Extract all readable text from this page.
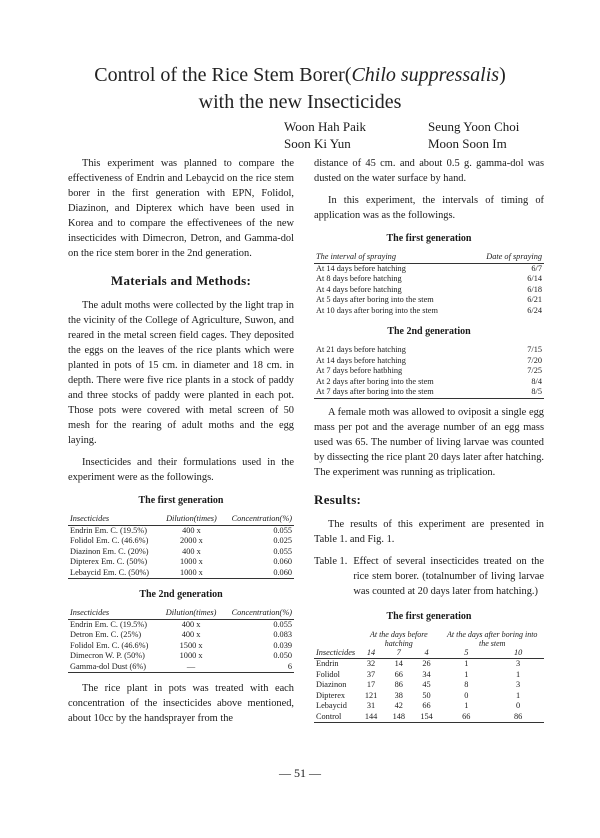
Control of the Rice Stem Borer(Chilo suppressalis)
with the new Insecticides
Woon Hah Paik
Soon Ki Yun
Seung Yoon Choi
Moon Soon Im

This experiment was planned to compare the effectiveness of Endrin and Lebaycid on the rice stem borer in the first generation with EPN, Folidol, Diazinon, and Dipterex which have been used in Korea and to compare the effectivenees of the new insecticides with Dimecron, Detron, and Gamma-dol on the rice stem borer in the 2nd generation.

Materials and Methods:

The adult moths were collected by the light trap in the vicinity of the College of Agriculture, Suwon, and reared in the metal screen field cages. They deposited the eggs on the leaves of the rice plants which were planted in pots of 15 cm. in diameter and 18 cm. in depth. There were five rice plants in a stock of paddy and three stocks of paddy were planted in each pot. Those pots were covered with metal screen of 50 mesh for the rearing of adult moths and the egg laying.

Insecticides and their formulations used in the experiment were as the followings.

The first generation
Insecticides	Dilution(times)	Concentration(%)
Endrin Em. C. (19.5%)	400 x	0.055
Folidol Em. C. (46.6%)	2000 x	0.025
Diazinon Em. C. (20%)	400 x	0.055
Dipterex Em. C. (50%)	1000 x	0.060
Lebaycid Em. C. (50%)	1000 x	0.060
The 2nd generation
Insecticides	Dilution(times)	Concentration(%)
Endrin Em. C. (19.5%)	400 x	0.055
Detron Em. C. (25%)	400 x	0.083
Folidol Em. C. (46.6%)	1500 x	0.039
Dimecron W. P. (50%)	1000 x	0.050
Gamma-dol Dust (6%)	—	6

The rice plant in pots was treated with each concentration of the insecticides above mentioned, about 10cc by the handsprayer from the

distance of 45 cm. and about 0.5 g. gamma-dol was dusted on the water surface by hand.

In this experiment, the intervals of timing of application was as the followings.

The first generation
The interval of spraying	Date of spraying
At 14 days before hatching	6/7
At 8 days before hatching	6/14
At 4 days before hatching	6/18
At 5 days after boring into the stem	6/21
At 10 days after boring into the stem	6/24
The 2nd generation
At 21 days before hatching	7/15
At 14 days before hatching	7/20
At 7 days before hatbhing	7/25
At 2 days after boring into the stem	8/4
At 7 days after boring into the stem	8/5

A female moth was allowed to oviposit a single egg mass per pot and the average number of an egg mass used was 65. The number of living larvae was counted by dissecting the rice plant 20 days later after hatching. The experiment was running as triplication.

Results:

The results of this experiment are presented in Table 1. and Fig. 1.

Table 1. Effect of several insecticides treated on the rice stem borer. (totalnumber of living larvae was counted at 20 days later from hatching.)
The first generation
	At the days before hatching			At the days after boring into the stem	
Insecticides	14	7	4	5	10
Endrin	32	14	26	1	3
Folidol	37	66	34	1	1
Diazinon	17	86	45	8	3
Dipterex	121	38	50	0	1
Lebaycid	31	42	66	1	0
Control	144	148	154	66	86
— 51 —
